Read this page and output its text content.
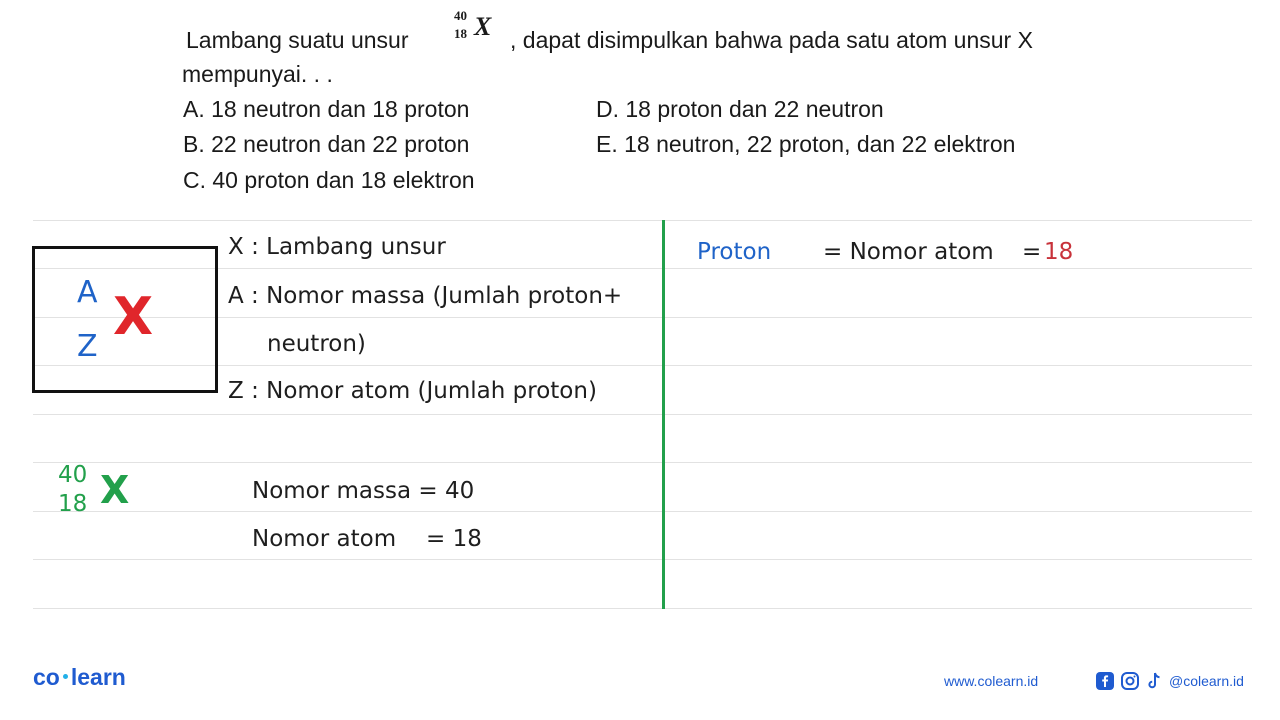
Lambang suatu unsur
40
18 X , dapat disimpulkan bahwa pada satu atom unsur X
mempunyai. . .
A. 18 neutron dan 18 proton
B. 22 neutron dan 22 proton
C. 40 proton dan 18 elektron
D. 18 proton dan 22 neutron
E. 18 neutron, 22 proton, dan 22 elektron
A
Z X
X : Lambang unsur
A : Nomor massa (Jumlah proton+
neutron)
Z : Nomor atom (Jumlah proton)
40
18 X	Nomor massa = 40
Nomor atom = 18
Proton = Nomor atom = 18
co learn	www.colearn.id	@colearn.id
